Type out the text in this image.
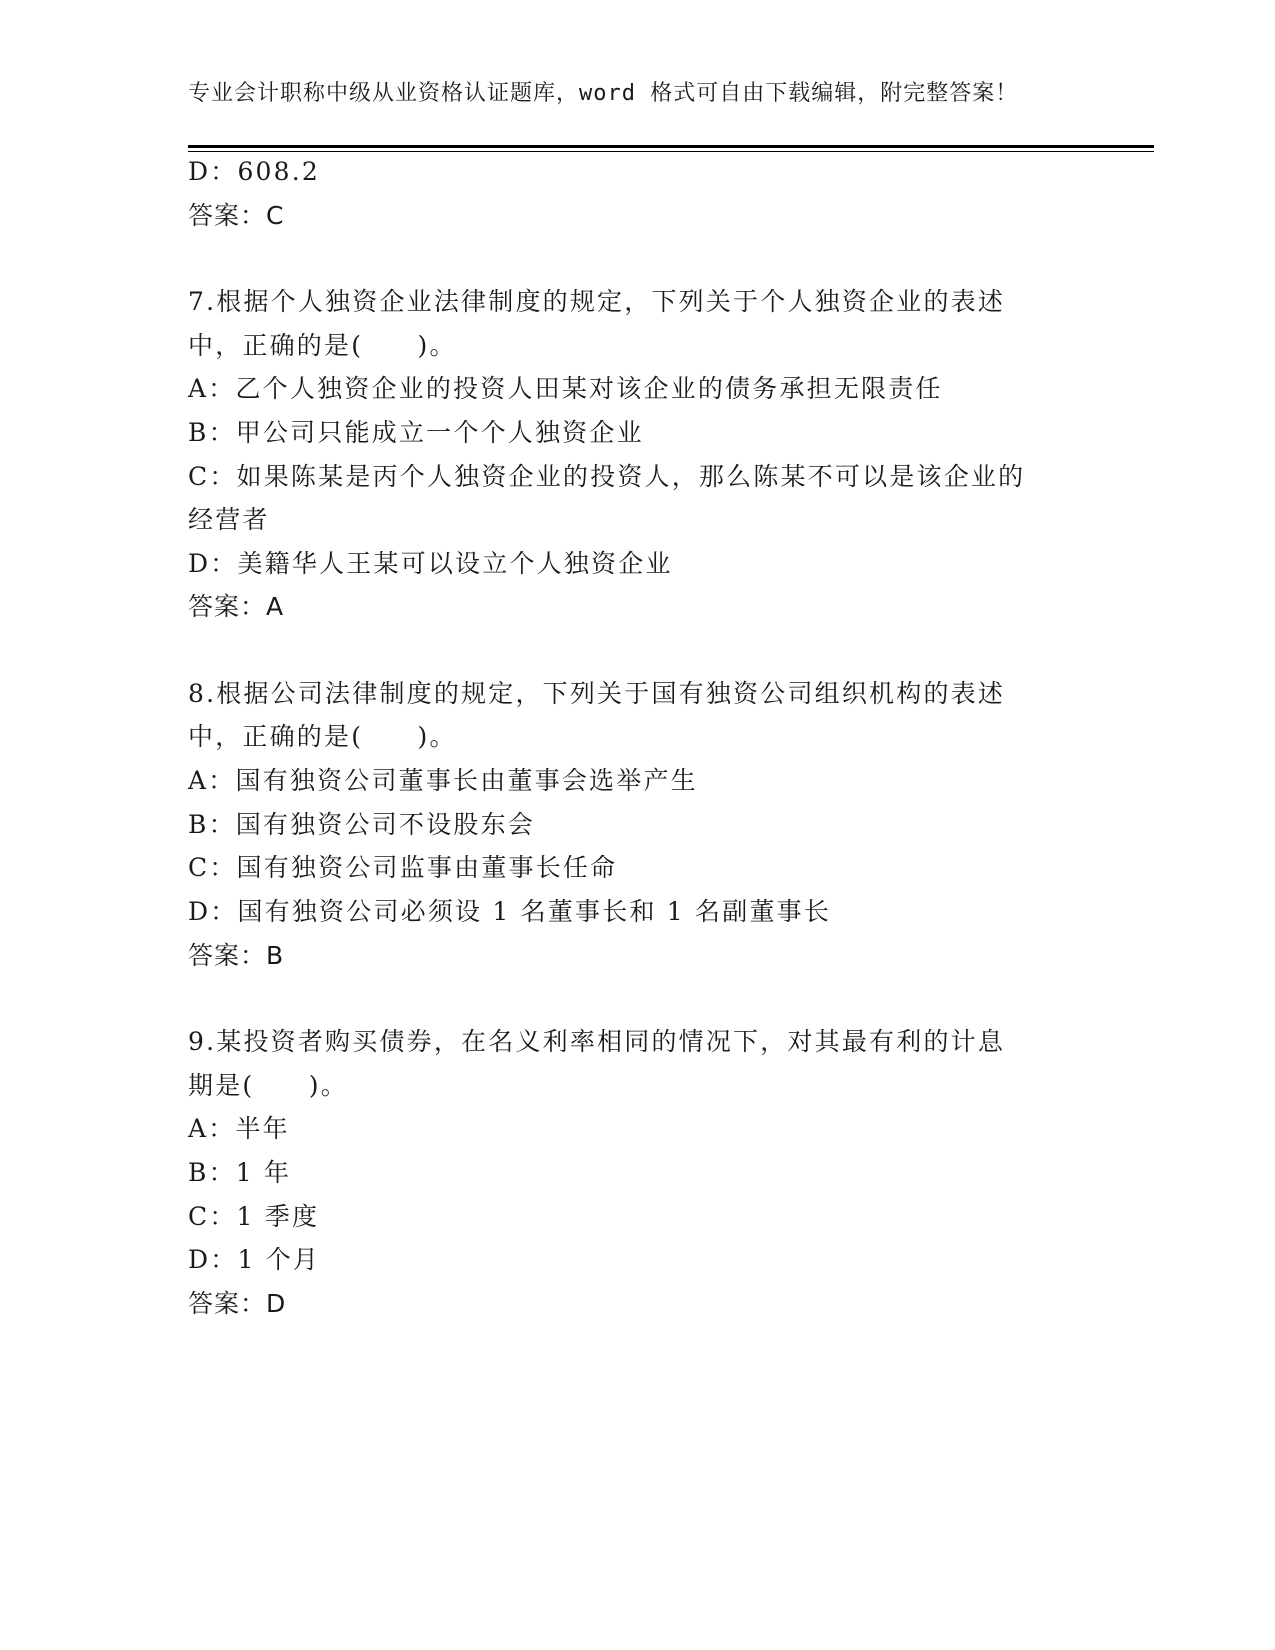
专业会计职称中级从业资格认证题库，word 格式可自由下载编辑，附完整答案！
D：608.2
答案：C
7.根据个人独资企业法律制度的规定，下列关于个人独资企业的表述
中，正确的是(　　)。
A：乙个人独资企业的投资人田某对该企业的债务承担无限责任
B：甲公司只能成立一个个人独资企业
C：如果陈某是丙个人独资企业的投资人，那么陈某不可以是该企业的
经营者
D：美籍华人王某可以设立个人独资企业
答案：A
8.根据公司法律制度的规定，下列关于国有独资公司组织机构的表述
中，正确的是(　　)。
A：国有独资公司董事长由董事会选举产生
B：国有独资公司不设股东会
C：国有独资公司监事由董事长任命
D：国有独资公司必须设 1 名董事长和 1 名副董事长
答案：B
9.某投资者购买债券，在名义利率相同的情况下，对其最有利的计息
期是(　　)。
A：半年
B：1 年
C：1 季度
D：1 个月
答案：D
